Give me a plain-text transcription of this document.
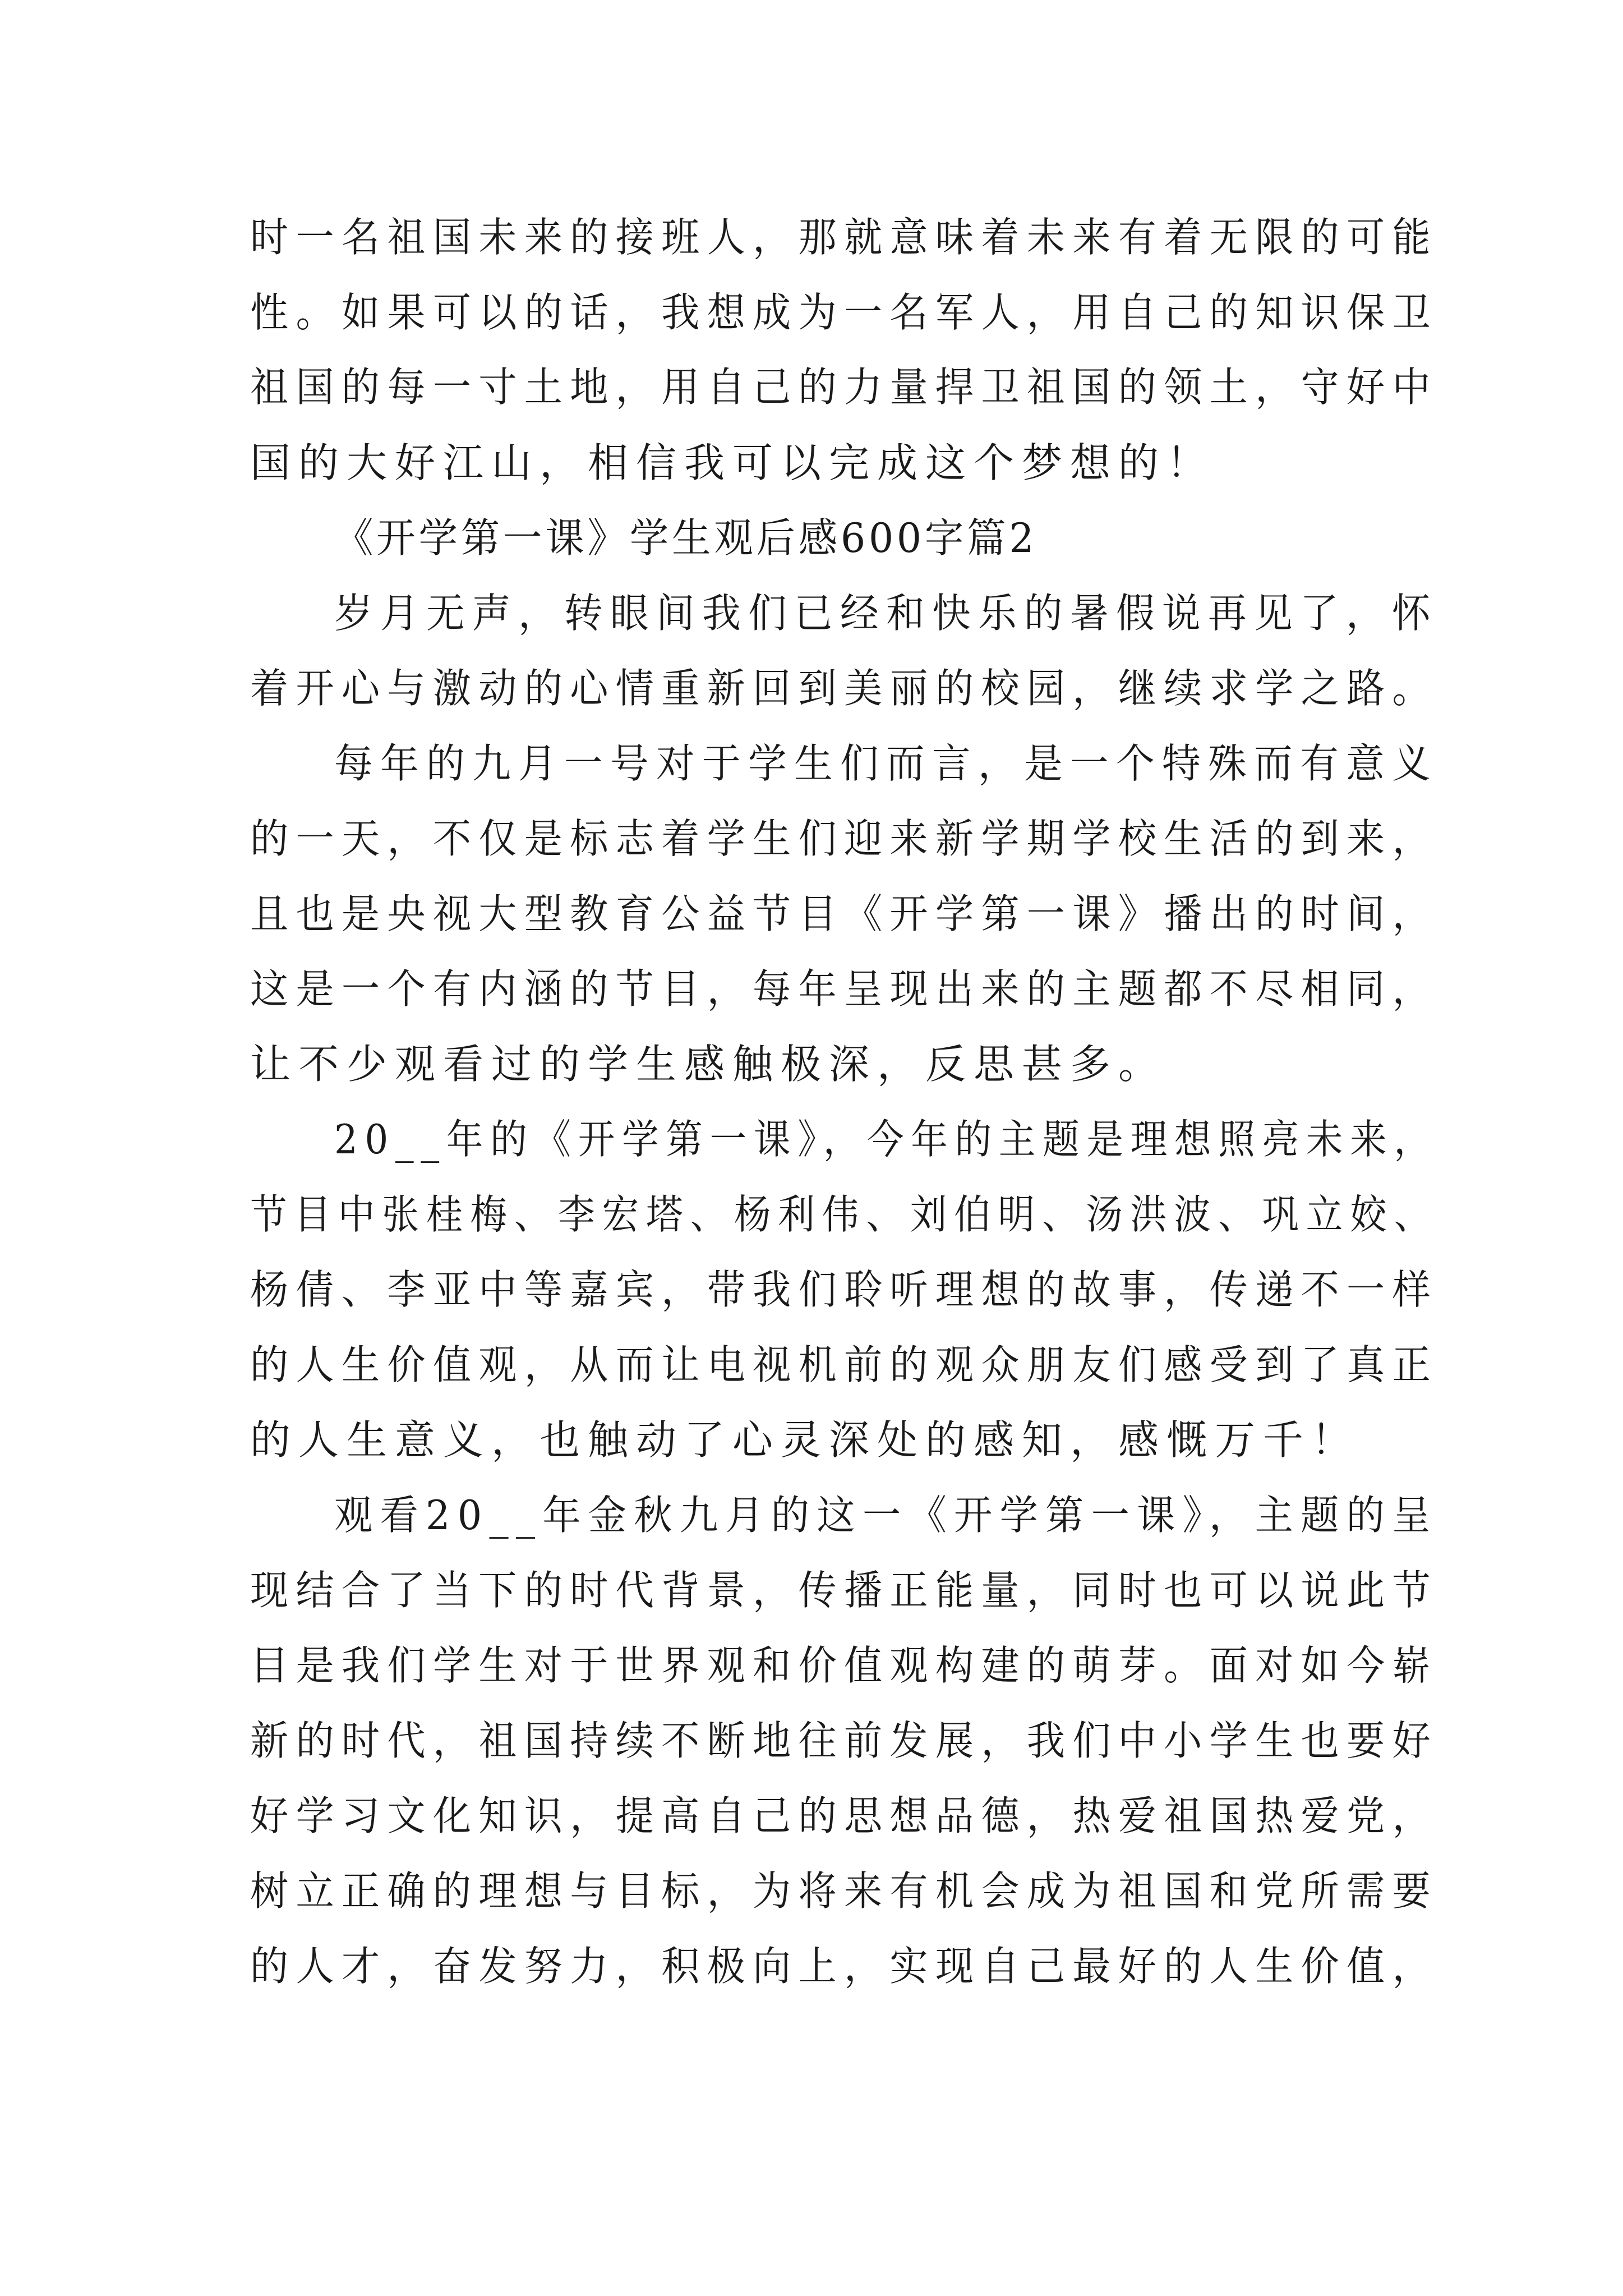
时一名祖国未来的接班人，那就意味着未来有着无限的可能
性。如果可以的话，我想成为一名军人，用自己的知识保卫
祖国的每一寸土地，用自己的力量捍卫祖国的领土，守好中
国的大好江山，相信我可以完成这个梦想的！
《开学第一课》学生观后感600字篇2
岁月无声，转眼间我们已经和快乐的暑假说再见了，怀
着开心与激动的心情重新回到美丽的校园，继续求学之路。
每年的九月一号对于学生们而言，是一个特殊而有意义
的一天，不仅是标志着学生们迎来新学期学校生活的到来，
且也是央视大型教育公益节目《开学第一课》播出的时间，
这是一个有内涵的节目，每年呈现出来的主题都不尽相同，
让不少观看过的学生感触极深，反思甚多。
20__年的《开学第一课》，今年的主题是理想照亮未来，
节目中张桂梅、李宏塔、杨利伟、刘伯明、汤洪波、巩立姣、
杨倩、李亚中等嘉宾，带我们聆听理想的故事，传递不一样
的人生价值观，从而让电视机前的观众朋友们感受到了真正
的人生意义，也触动了心灵深处的感知，感慨万千！
观看20__年金秋九月的这一《开学第一课》，主题的呈
现结合了当下的时代背景，传播正能量，同时也可以说此节
目是我们学生对于世界观和价值观构建的萌芽。面对如今崭
新的时代，祖国持续不断地往前发展，我们中小学生也要好
好学习文化知识，提高自己的思想品德，热爱祖国热爱党，
树立正确的理想与目标，为将来有机会成为祖国和党所需要
的人才，奋发努力，积极向上，实现自己最好的人生价值，
